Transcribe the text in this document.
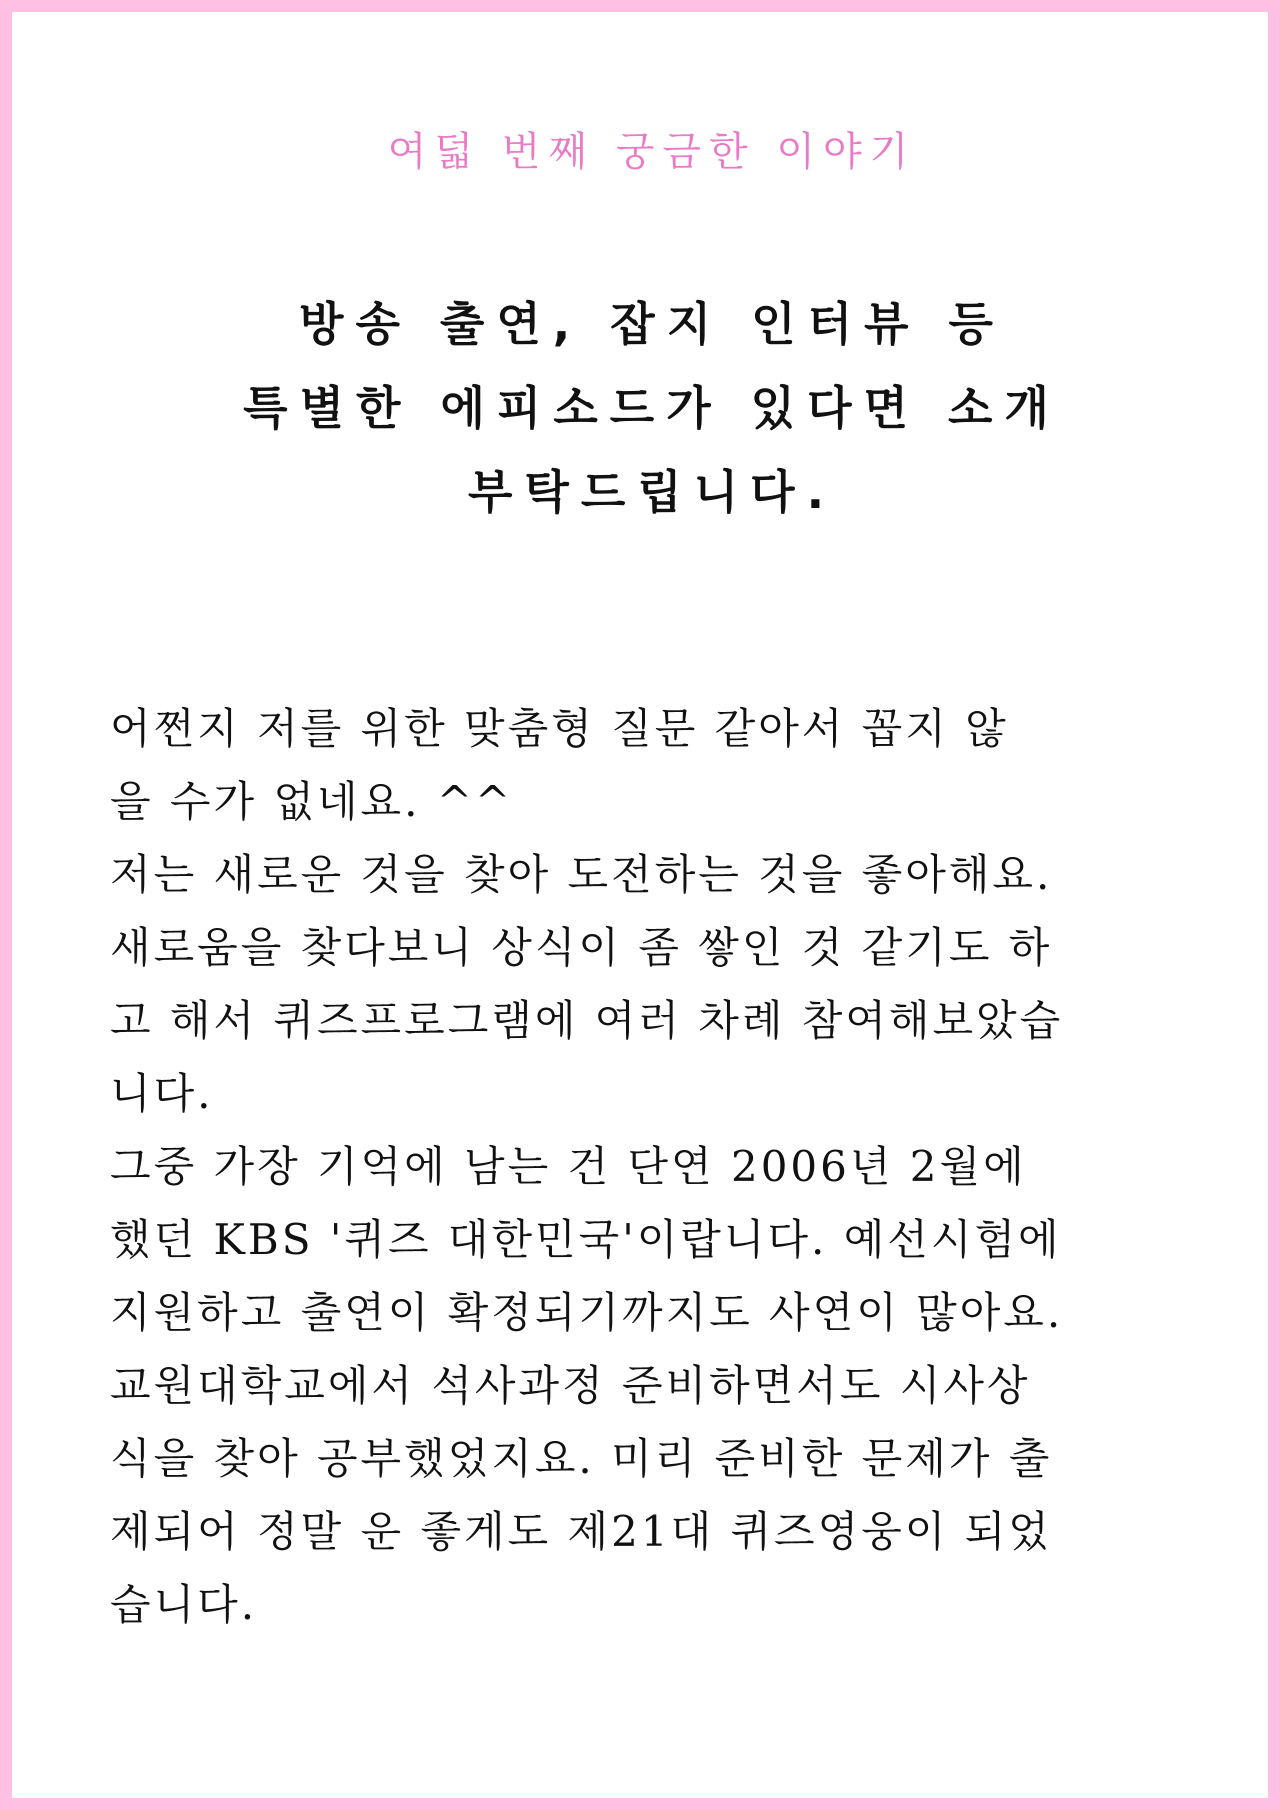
여덟 번째 궁금한 이야기
방송 출연, 잡지 인터뷰 등
특별한 에피소드가 있다면 소개
부탁드립니다.
어쩐지 저를 위한 맞춤형 질문 같아서 꼽지 않
을 수가 없네요. ^^
저는 새로운 것을 찾아 도전하는 것을 좋아해요.
새로움을 찾다보니 상식이 좀 쌓인 것 같기도 하
고 해서 퀴즈프로그램에 여러 차례 참여해보았습
니다.
그중 가장 기억에 남는 건 단연 2006년 2월에
했던 KBS '퀴즈 대한민국'이랍니다. 예선시험에
지원하고 출연이 확정되기까지도 사연이 많아요.
교원대학교에서 석사과정 준비하면서도 시사상
식을 찾아 공부했었지요. 미리 준비한 문제가 출
제되어 정말 운 좋게도 제21대 퀴즈영웅이 되었
습니다.
